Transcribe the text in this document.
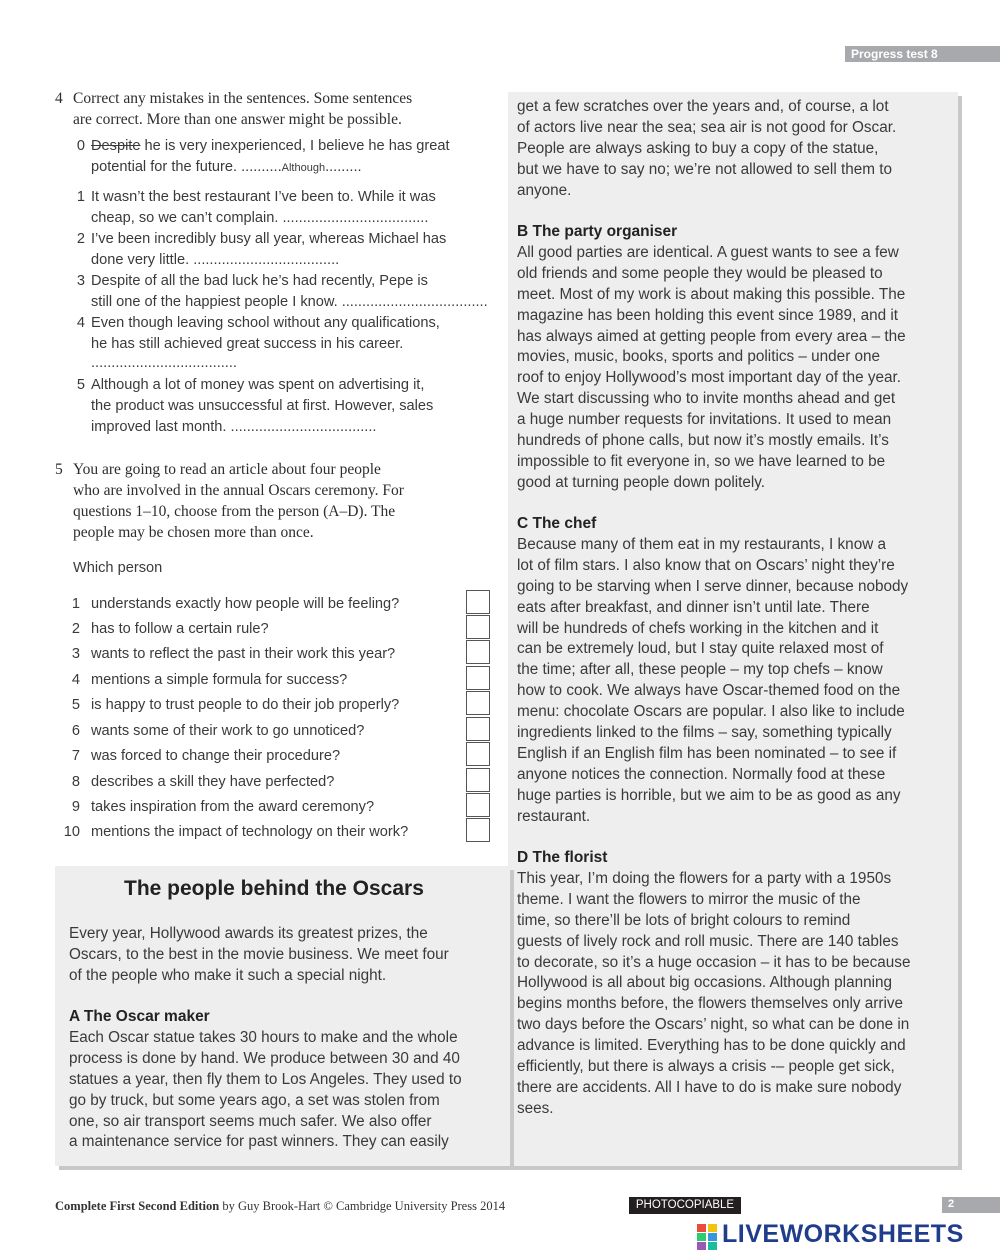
Progress test 8
4 Correct any mistakes in the sentences. Some sentences
are correct. More than one answer might be possible.
0 Despite he is very inexperienced, I believe he has great
potential for the future. ..........Although.........
1 It wasn’t the best restaurant I’ve been to. While it was
cheap, so we can’t complain. ....................................
2 I’ve been incredibly busy all year, whereas Michael has
done very little. ....................................
3 Despite of all the bad luck he’s had recently, Pepe is
still one of the happiest people I know. ....................................
4 Even though leaving school without any qualifications,
he has still achieved great success in his career.
....................................
5 Although a lot of money was spent on advertising it,
the product was unsuccessful at first. However, sales
improved last month. ....................................
5 You are going to read an article about four people
who are involved in the annual Oscars ceremony. For
questions 1–10, choose from the person (A–D). The
people may be chosen more than once.
Which person
1 understands exactly how people will be feeling?
2 has to follow a certain rule?
3 wants to reflect the past in their work this year?
4 mentions a simple formula for success?
5 is happy to trust people to do their job properly?
6 wants some of their work to go unnoticed?
7 was forced to change their procedure?
8 describes a skill they have perfected?
9 takes inspiration from the award ceremony?
10 mentions the impact of technology on their work?
The people behind the Oscars

Every year, Hollywood awards its greatest prizes, the

Oscars, to the best in the movie business. We meet four

of the people who make it such a special night.

A The Oscar maker

Each Oscar statue takes 30 hours to make and the whole

process is done by hand. We produce between 30 and 40

statues a year, then fly them to Los Angeles. They used to

go by truck, but some years ago, a set was stolen from

one, so air transport seems much safer. We also offer

a maintenance service for past winners. They can easily

get a few scratches over the years and, of course, a lot

of actors live near the sea; sea air is not good for Oscar.

People are always asking to buy a copy of the statue,

but we have to say no; we’re not allowed to sell them to

anyone.

B The party organiser

All good parties are identical. A guest wants to see a few

old friends and some people they would be pleased to

meet. Most of my work is about making this possible. The

magazine has been holding this event since 1989, and it

has always aimed at getting people from every area – the

movies, music, books, sports and politics – under one

roof to enjoy Hollywood’s most important day of the year.

We start discussing who to invite months ahead and get

a huge number requests for invitations. It used to mean

hundreds of phone calls, but now it’s mostly emails. It’s

impossible to fit everyone in, so we have learned to be

good at turning people down politely.

C The chef

Because many of them eat in my restaurants, I know a

lot of film stars. I also know that on Oscars’ night they’re

going to be starving when I serve dinner, because nobody

eats after breakfast, and dinner isn’t until late. There

will be hundreds of chefs working in the kitchen and it

can be extremely loud, but I stay quite relaxed most of

the time; after all, these people – my top chefs – know

how to cook. We always have Oscar-themed food on the

menu: chocolate Oscars are popular. I also like to include

ingredients linked to the films – say, something typically

English if an English film has been nominated – to see if

anyone notices the connection. Normally food at these

huge parties is horrible, but we aim to be as good as any

restaurant.

D The florist

This year, I’m doing the flowers for a party with a 1950s

theme. I want the flowers to mirror the music of the

time, so there’ll be lots of bright colours to remind

guests of lively rock and roll music. There are 140 tables

to decorate, so it’s a huge occasion – it has to be because

Hollywood is all about big occasions. Although planning

begins months before, the flowers themselves only arrive

two days before the Oscars’ night, so what can be done in

advance is limited. Everything has to be done quickly and

efficiently, but there is always a crisis -– people get sick,

there are accidents. All I have to do is make sure nobody

sees.

Complete First Second Edition by Guy Brook-Hart © Cambridge University Press 2014	PHOTOCOPIABLE	2
LIVEWORKSHEETS
